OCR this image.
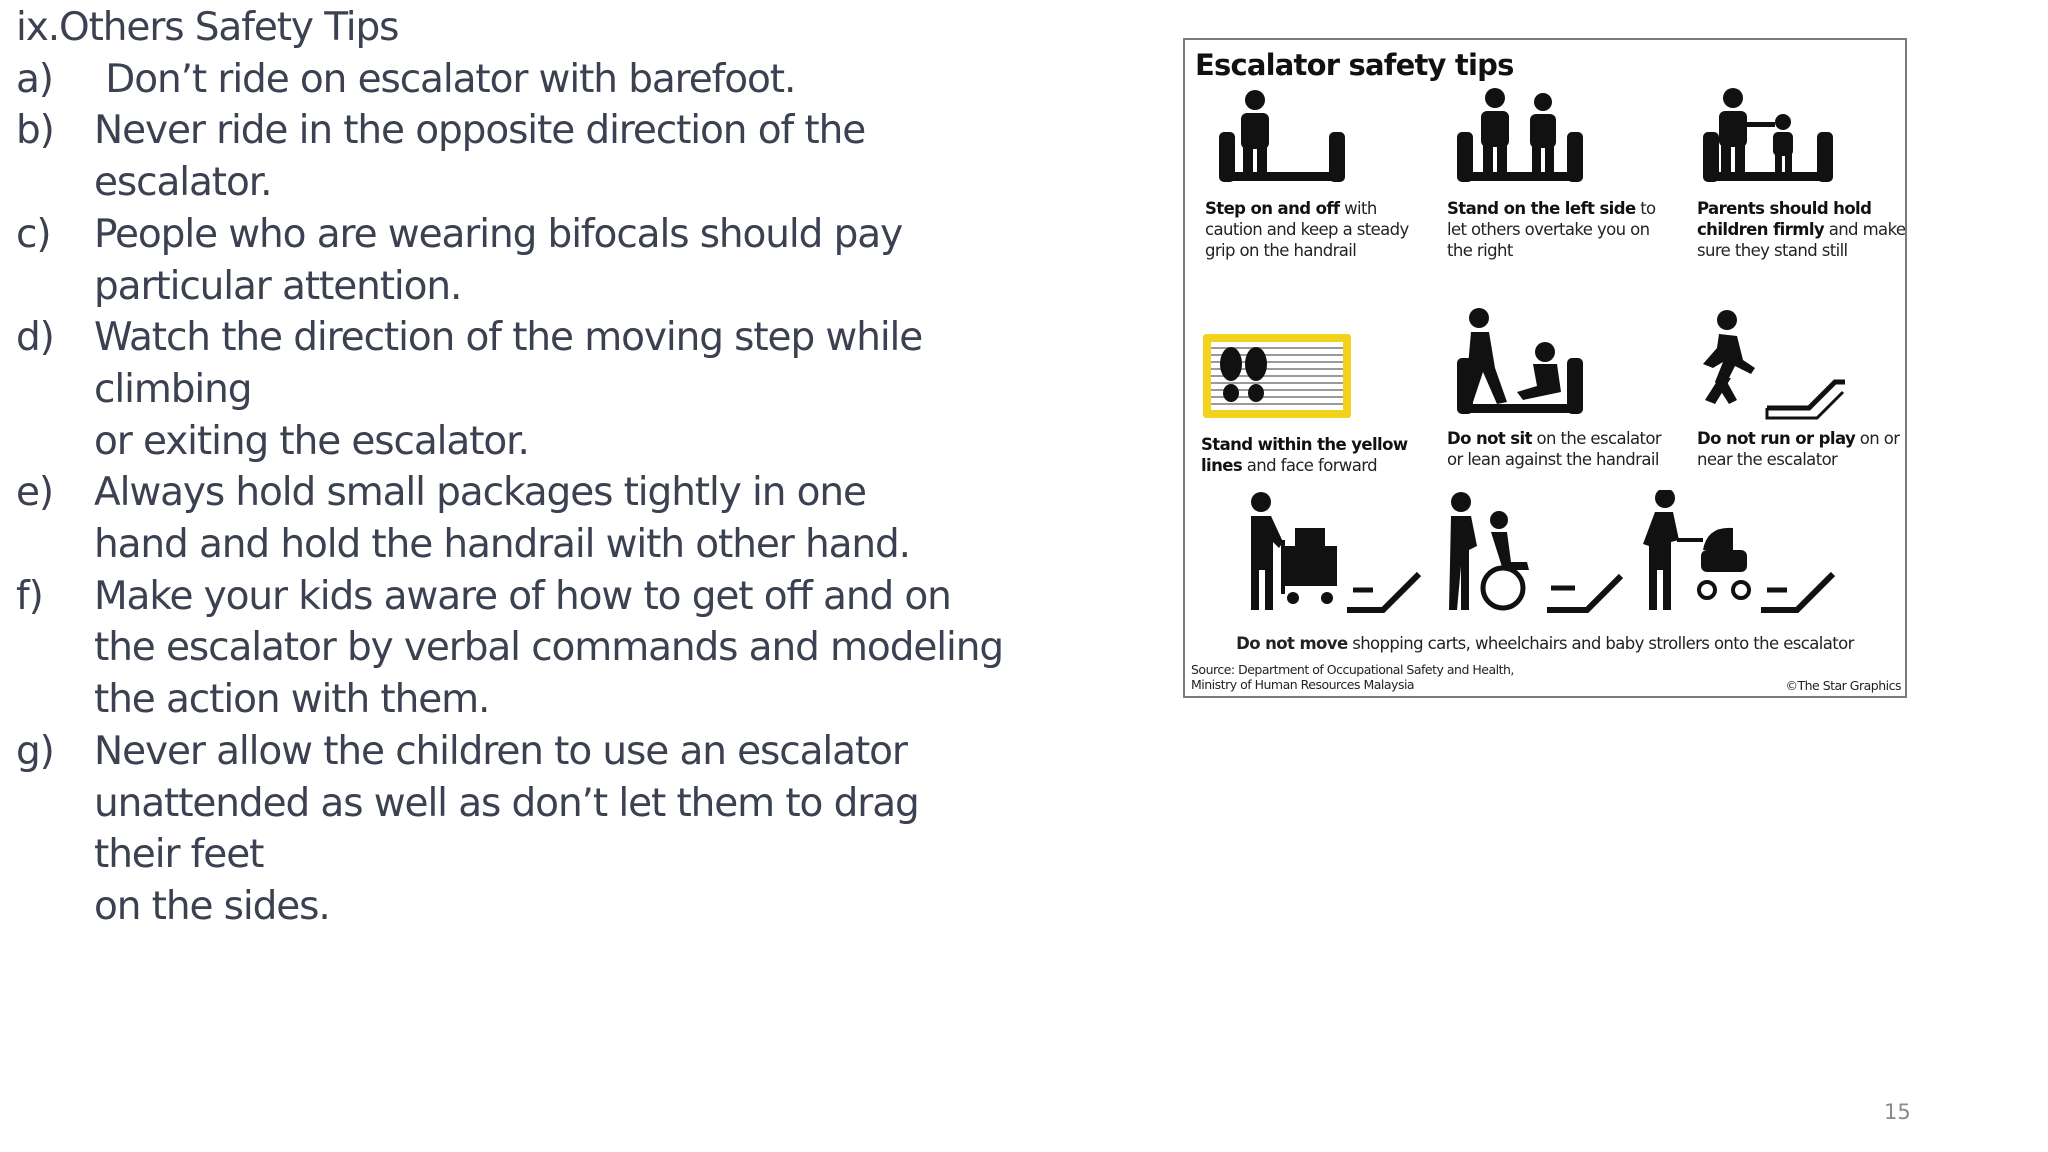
ix.Others Safety Tips
a)	Don’t ride on escalator with barefoot.
b)	Never ride in the opposite direction of the
escalator.
c)	People who are wearing bifocals should pay
particular attention.
d)	Watch the direction of the moving step while
climbing
or exiting the escalator.
e)	Always hold small packages tightly in one
hand and hold the handrail with other hand.
f)	Make your kids aware of how to get off and on
the escalator by verbal commands and modeling
the action with them.
g)	Never allow the children to use an escalator
unattended as well as don’t let them to drag
their feet
on the sides.
Escalator safety tips
Step on and off with caution and keep a steady grip on the handrail
Stand on the left side to let others overtake you on the right
Parents should hold children firmly and make sure they stand still
Stand within the yellow lines and face forward
Do not sit on the escalator or lean against the handrail
Do not run or play on or near the escalator
Do not move shopping carts, wheelchairs and baby strollers onto the escalator
Source: Department of Occupational Safety and Health,
Ministry of Human Resources Malaysia	©The Star Graphics
15
